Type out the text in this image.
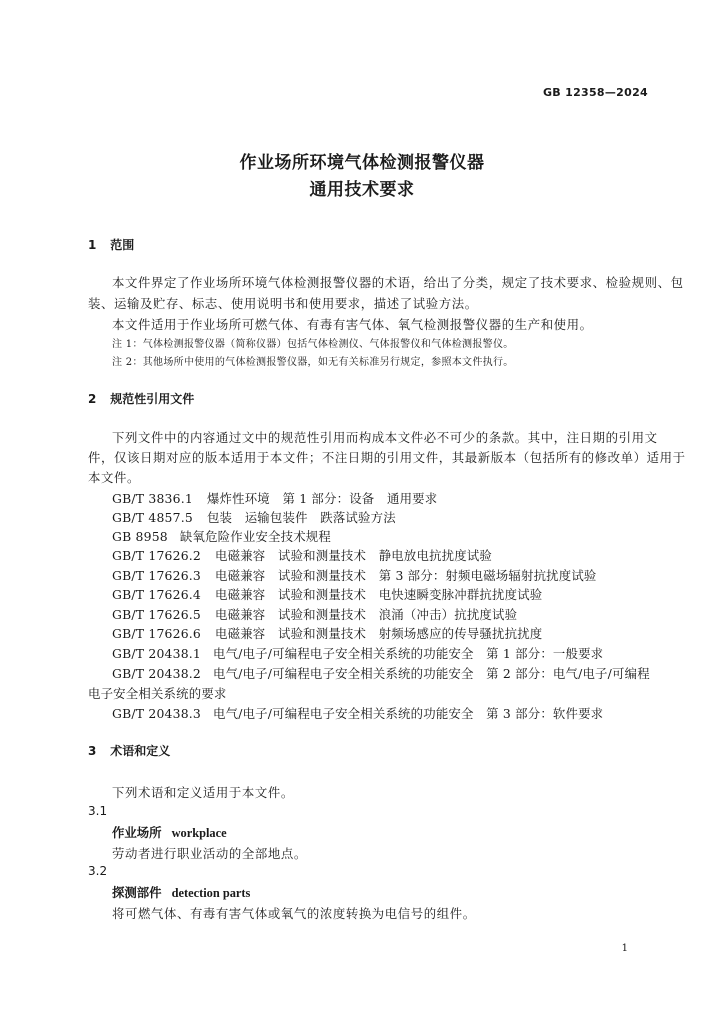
GB 12358—2024
作业场所环境气体检测报警仪器
通用技术要求
1 范围
本文件界定了作业场所环境气体检测报警仪器的术语，给出了分类，规定了技术要求、检验规则、包
装、运输及贮存、标志、使用说明书和使用要求，描述了试验方法。
本文件适用于作业场所可燃气体、有毒有害气体、氧气检测报警仪器的生产和使用。
注 1：气体检测报警仪器（简称仪器）包括气体检测仪、气体报警仪和气体检测报警仪。
注 2：其他场所中使用的气体检测报警仪器，如无有关标准另行规定，参照本文件执行。
2 规范性引用文件
下列文件中的内容通过文中的规范性引用而构成本文件必不可少的条款。其中，注日期的引用文
件，仅该日期对应的版本适用于本文件；不注日期的引用文件，其最新版本（包括所有的修改单）适用于
本文件。
GB/T 3836.1 爆炸性环境　第 1 部分：设备　通用要求
GB/T 4857.5 包装　运输包装件　跌落试验方法
GB 8958 缺氧危险作业安全技术规程
GB/T 17626.2 电磁兼容　试验和测量技术　静电放电抗扰度试验
GB/T 17626.3 电磁兼容　试验和测量技术　第 3 部分：射频电磁场辐射抗扰度试验
GB/T 17626.4 电磁兼容　试验和测量技术　电快速瞬变脉冲群抗扰度试验
GB/T 17626.5 电磁兼容　试验和测量技术　浪涌（冲击）抗扰度试验
GB/T 17626.6 电磁兼容　试验和测量技术　射频场感应的传导骚扰抗扰度
GB/T 20438.1 电气/电子/可编程电子安全相关系统的功能安全　第 1 部分：一般要求
GB/T 20438.2 电气/电子/可编程电子安全相关系统的功能安全　第 2 部分：电气/电子/可编程
电子安全相关系统的要求
GB/T 20438.3 电气/电子/可编程电子安全相关系统的功能安全　第 3 部分：软件要求
3 术语和定义
下列术语和定义适用于本文件。
3.1
作业场所 workplace
劳动者进行职业活动的全部地点。
3.2
探测部件 detection parts
将可燃气体、有毒有害气体或氧气的浓度转换为电信号的组件。
1
